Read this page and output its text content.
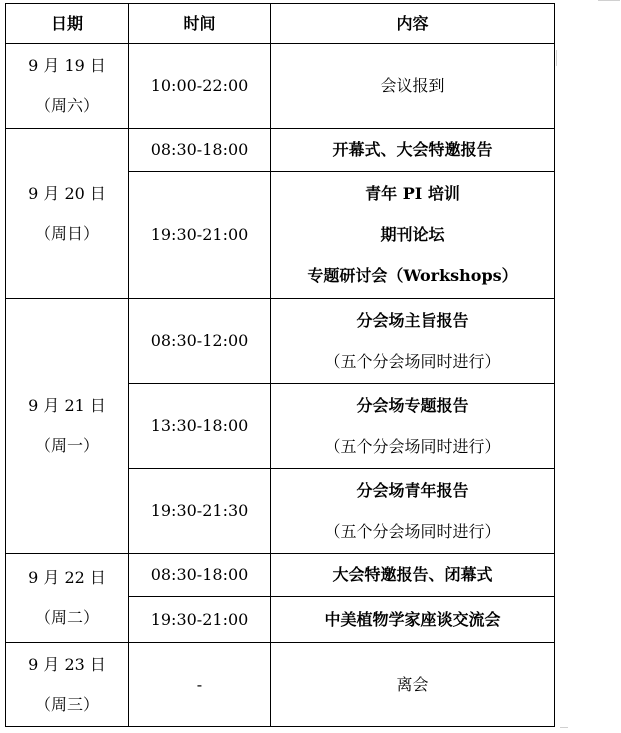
日期	时间	内容

9 月 19 日
（周六）	10:00-22:00	会议报到

9 月 20 日
（周日）	08:30-18:00	开幕式、大会特邀报告

	19:30-21:00	青年 PI 培训
期刊论坛
专题研讨会（Workshops）

9 月 21 日
（周一）	08:30-12:00	分会场主旨报告
（五个分会场同时进行）

	13:30-18:00	分会场专题报告
（五个分会场同时进行）

	19:30-21:30	分会场青年报告
（五个分会场同时进行）

9 月 22 日
（周二）	08:30-18:00	大会特邀报告、闭幕式

	19:30-21:00	中美植物学家座谈交流会

9 月 23 日
（周三）	-	离会
